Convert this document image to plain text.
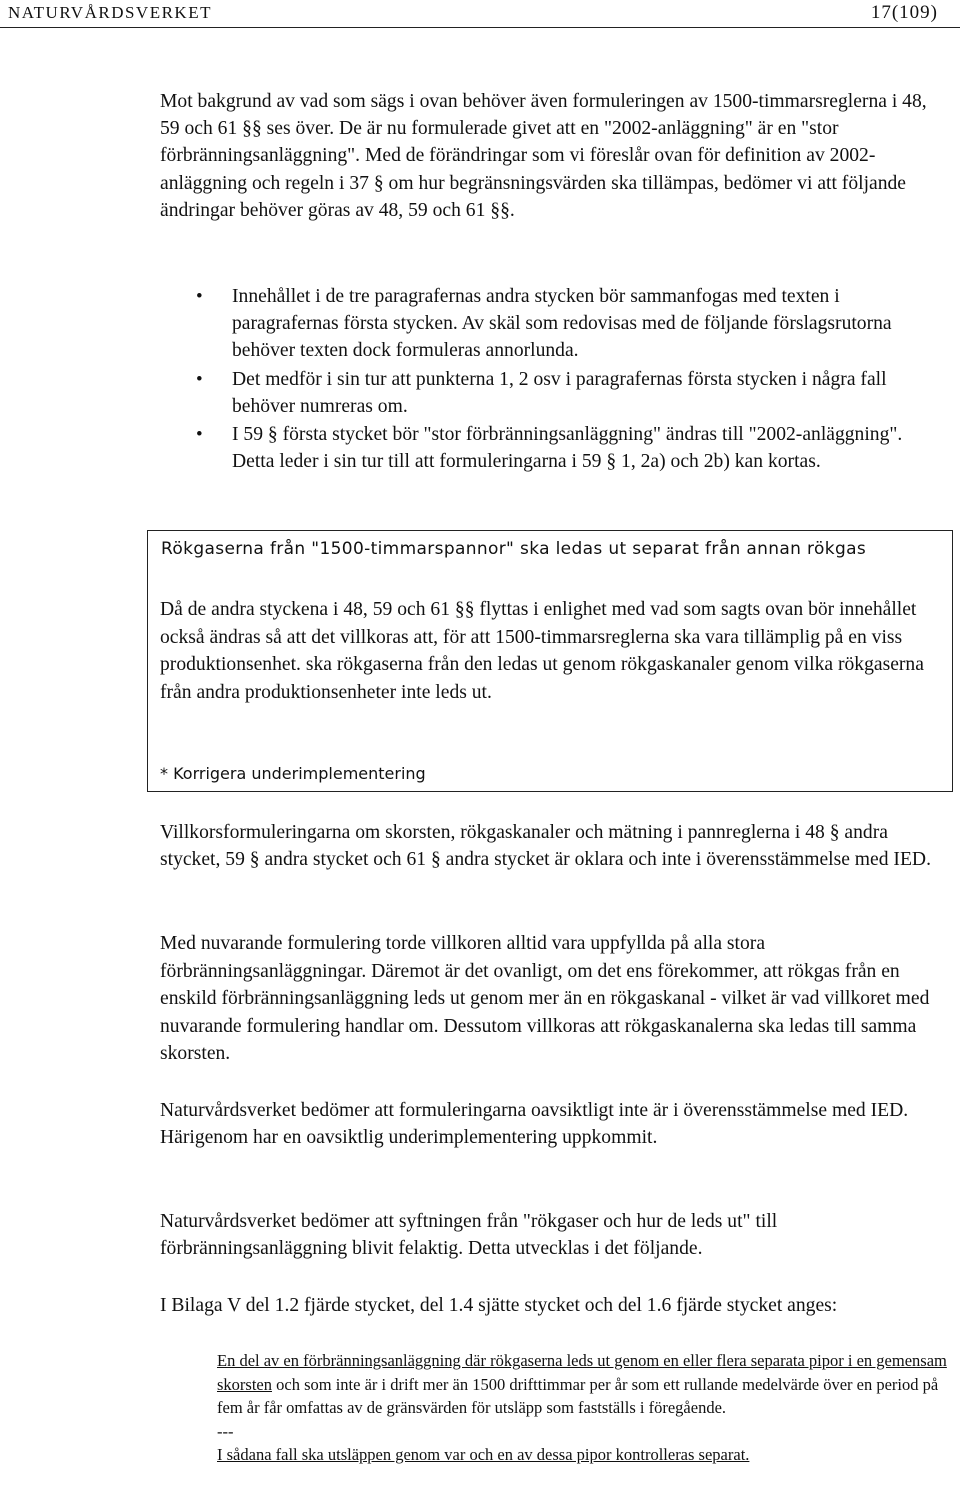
NATURVÅRDSVERKET	17(109)

Mot bakgrund av vad som sägs i ovan behöver även formuleringen av 1500-timmarsreglerna i 48, 59 och 61 §§ ses över. De är nu formulerade givet att en "2002-anläggning" är en "stor förbränningsanläggning". Med de förändringar som vi föreslår ovan för definition av 2002-anläggning och regeln i 37 § om hur begränsningsvärden ska tillämpas, bedömer vi att följande ändringar behöver göras av 48, 59 och 61 §§.

• Innehållet i de tre paragrafernas andra stycken bör sammanfogas med texten i paragrafernas första stycken. Av skäl som redovisas med de följande förslagsrutorna behöver texten dock formuleras annorlunda.
• Det medför i sin tur att punkterna 1, 2 osv i paragrafernas första stycken i några fall behöver numreras om.
• I 59 § första stycket bör "stor förbränningsanläggning" ändras till "2002-anläggning". Detta leder i sin tur till att formuleringarna i 59 § 1, 2a) och 2b) kan kortas.
Rökgaserna från "1500-timmarspannor" ska ledas ut separat från annan rökgas

Då de andra styckena i 48, 59 och 61 §§ flyttas i enlighet med vad som sagts ovan bör innehållet också ändras så att det villkoras att, för att 1500-timmarsreglerna ska vara tillämplig på en viss produktionsenhet. ska rökgaserna från den ledas ut genom rökgaskanaler genom vilka rökgaserna från andra produktionsenheter inte leds ut.

* Korrigera underimplementering

Villkorsformuleringarna om skorsten, rökgaskanaler och mätning i pannreglerna i 48 § andra stycket, 59 § andra stycket och 61 § andra stycket är oklara och inte i överensstämmelse med IED.

Med nuvarande formulering torde villkoren alltid vara uppfyllda på alla stora förbränningsanläggningar. Däremot är det ovanligt, om det ens förekommer, att rökgas från en enskild förbränningsanläggning leds ut genom mer än en rökgaskanal - vilket är vad villkoret med nuvarande formulering handlar om. Dessutom villkoras att rökgaskanalerna ska ledas till samma skorsten.

Naturvårdsverket bedömer att formuleringarna oavsiktligt inte är i överensstämmelse med IED. Härigenom har en oavsiktlig underimplementering uppkommit.

Naturvårdsverket bedömer att syftningen från "rökgaser och hur de leds ut" till förbränningsanläggning blivit felaktig. Detta utvecklas i det följande.

I Bilaga V del 1.2 fjärde stycket, del 1.4 sjätte stycket och del 1.6 fjärde stycket anges:

En del av en förbränningsanläggning där rökgaserna leds ut genom en eller flera separata pipor i en gemensam skorsten och som inte är i drift mer än 1500 drifttimmar per år som ett rullande medelvärde över en period på fem år får omfattas av de gränsvärden för utsläpp som fastställs i föregående.

---

I sådana fall ska utsläppen genom var och en av dessa pipor kontrolleras separat.
